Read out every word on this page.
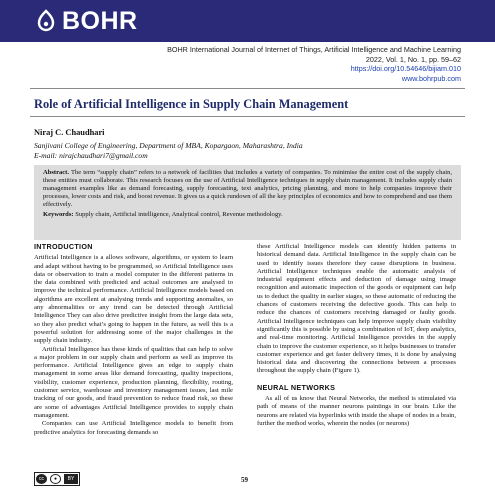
BOHR
BOHR International Journal of Internet of Things, Artificial Intelligence and Machine Learning
2022, Vol. 1, No. 1, pp. 59–62
https://doi.org/10.54646/bijiam.010
www.bohrpub.com
Role of Artificial Intelligence in Supply Chain Management
Niraj C. Chaudhari
Sanjivani College of Engineering, Department of MBA, Kopargaon, Maharashtra, India
E-mail: nirajchaudhari7@gmail.com

Abstract. The term “supply chain” refers to a network of facilities that includes a variety of companies. To minimise the entire cost of the supply chain, these entities must collaborate. This research focuses on the use of Artificial Intelligence techniques in supply chain management. It includes supply chain management examples like as demand forecasting, supply forecasting, text analytics, pricing planning, and more to help companies improve their processes, lower costs and risk, and boost revenue. It gives us a quick rundown of all the key principles of economics and how to comprehend and use them effectively.

Keywords: Supply chain, Artificial intelligence, Analytical control, Revenue methodology.

INTRODUCTION

Artificial Intelligence is a allows software, algorithms, or system to learn and adapt without having to be programmed, so Artificial Intelligence uses data or observation to train a model computer in the different patterns in the data combined with predicted and actual outcomes are analysed to improve the technical performance. Artificial Intelligence models based on algorithms are excellent at analysing trends and supporting anomalies, so any abnormalities or any trend can be detected through Artificial Intelligence They can also drive predictive insight from the large data sets, so they also predict what’s going to happen in the future, as well this is a powerful solution for addressing some of the major challenges in the supply chain industry.

Artificial Intelligence has these kinds of qualities that can help to solve a major problem in our supply chain and perform as well as improve its performance. Artificial Intelligence gives an edge to supply chain management in some areas like demand forecasting, quality inspections, visibility, customer experience, production planning, flexibility, routing, customer service, warehouse and inventory management issues, last mile tracking of our goods, and fraud prevention to reduce fraud risk, so these are some of advantages Artificial Intelligence provides to supply chain management.

Companies can use Artificial Intelligence models to benefit from predictive analytics for forecasting demands so

these Artificial Intelligence models can identify hidden patterns in historical demand data. Artificial Intelligence in the supply chain can be used to identify issues therefore they cause disruptions in business. Artificial Intelligence techniques enable the automatic analysis of industrial equipment effects and deduction of damage using image recognition and automatic inspection of the goods or equipment can help us to deduct the quality in earlier stages, so these automatic of reducing the chances of customers receiving the defective goods. This can help to reduce the chances of customers receiving damaged or faulty goods. Artificial Intelligence techniques can help improve supply chain visibility significantly this is possible by using a combination of IoT, deep analytics, and real-time monitoring. Artificial Intelligence provides in the supply chain to improve the customer experience, so it helps businesses to transfer customer experience and get faster delivery times, it is done by analysing historical data and discovering the connections between a processes throughout the supply chain (Figure 1).

NEURAL NETWORKS

As all of us know that Neural Networks, the method is stimulated via path of means of the manner neurons paintings in our brain. Like the neurons are related via hyperlinks with inside the shape of nodes in a brain, further the method works, wherein the nodes (or neurons)

cc	●	BY	59
